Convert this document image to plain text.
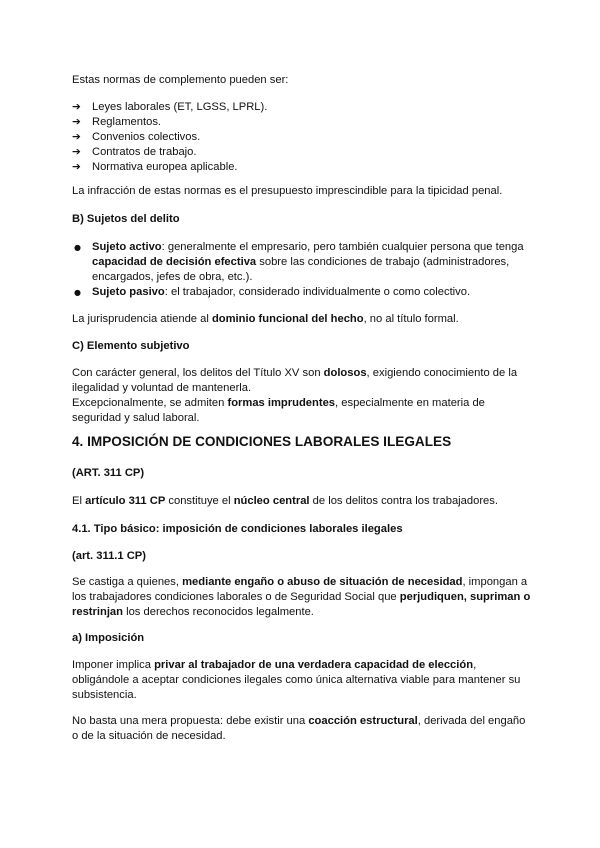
Estas normas de complemento pueden ser:

➔ Leyes laborales (ET, LGSS, LPRL).
➔ Reglamentos.
➔ Convenios colectivos.
➔ Contratos de trabajo.
➔ Normativa europea aplicable.

La infracción de estas normas es el presupuesto imprescindible para la tipicidad penal.

B) Sujetos del delito

● Sujeto activo: generalmente el empresario, pero también cualquier persona que tenga capacidad de decisión efectiva sobre las condiciones de trabajo (administradores, encargados, jefes de obra, etc.).
● Sujeto pasivo: el trabajador, considerado individualmente o como colectivo.

La jurisprudencia atiende al dominio funcional del hecho, no al título formal.

C) Elemento subjetivo

Con carácter general, los delitos del Título XV son dolosos, exigiendo conocimiento de la ilegalidad y voluntad de mantenerla.
Excepcionalmente, se admiten formas imprudentes, especialmente en materia de seguridad y salud laboral.

4. IMPOSICIÓN DE CONDICIONES LABORALES ILEGALES

(ART. 311 CP)

El artículo 311 CP constituye el núcleo central de los delitos contra los trabajadores.

4.1. Tipo básico: imposición de condiciones laborales ilegales

(art. 311.1 CP)

Se castiga a quienes, mediante engaño o abuso de situación de necesidad, impongan a los trabajadores condiciones laborales o de Seguridad Social que perjudiquen, supriman o restrinjan los derechos reconocidos legalmente.

a) Imposición

Imponer implica privar al trabajador de una verdadera capacidad de elección, obligándole a aceptar condiciones ilegales como única alternativa viable para mantener su subsistencia.

No basta una mera propuesta: debe existir una coacción estructural, derivada del engaño o de la situación de necesidad.
